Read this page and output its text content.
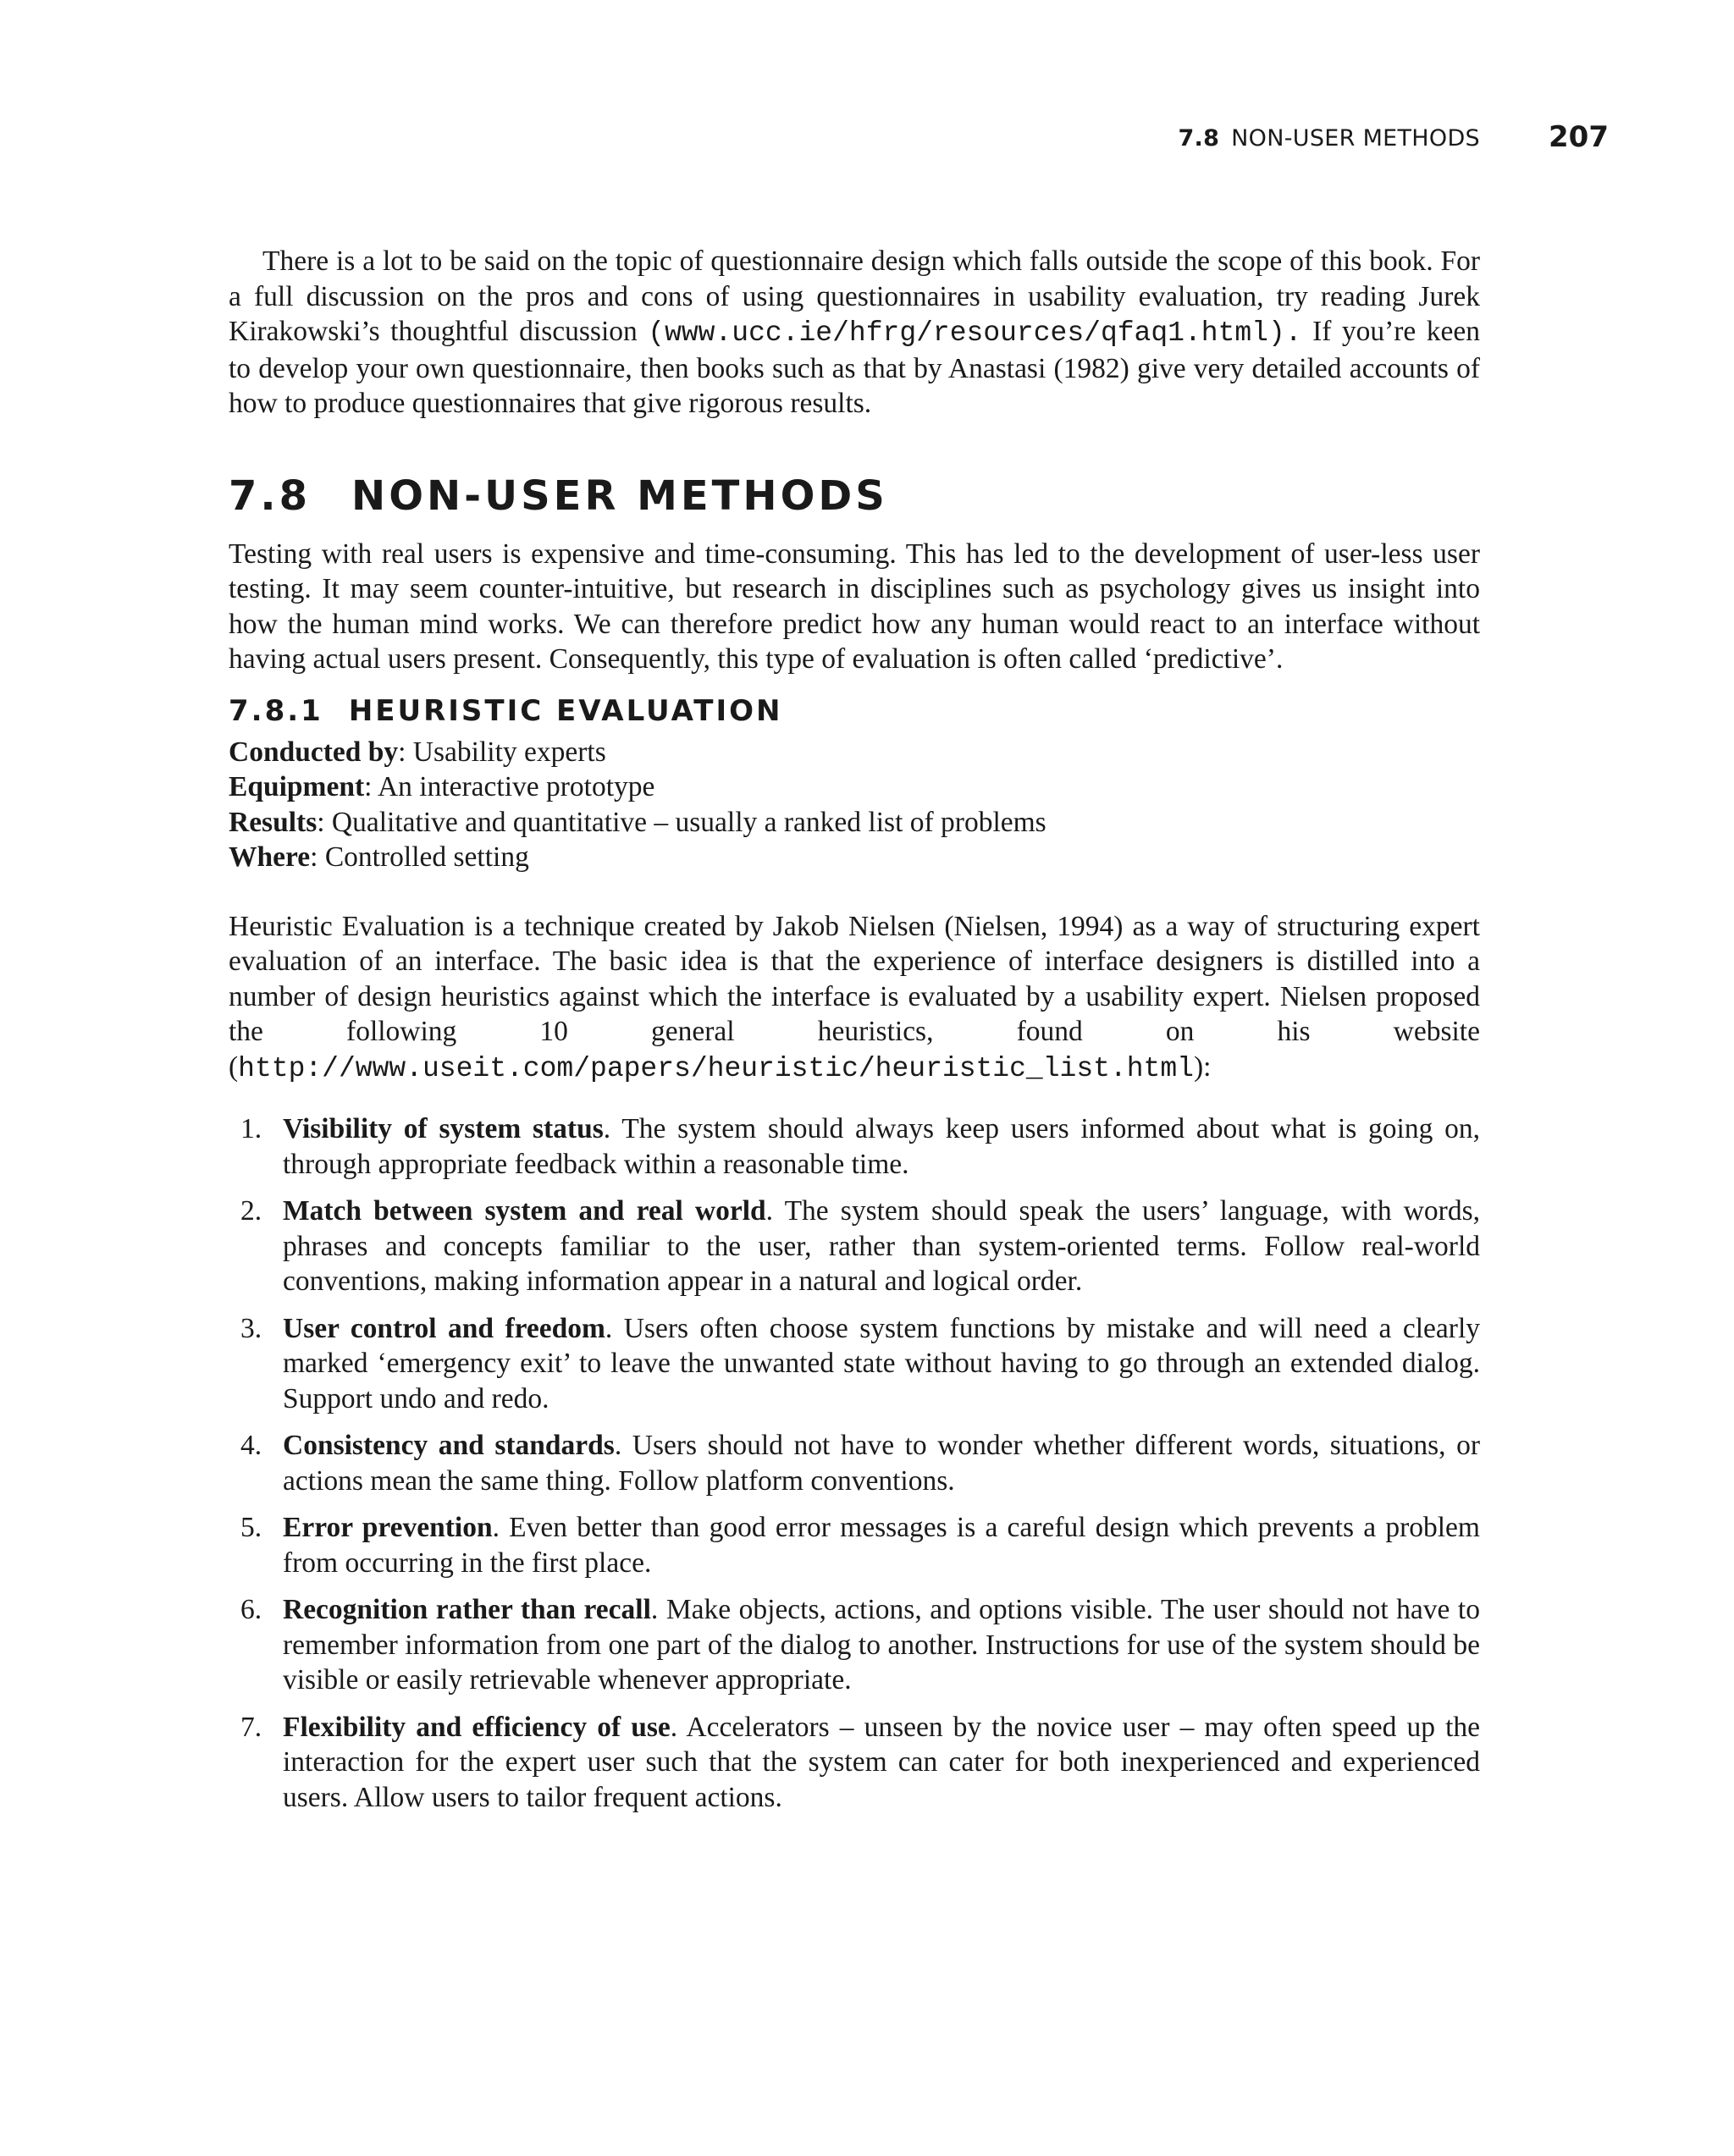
7.8 NON-USER METHODS 207

There is a lot to be said on the topic of questionnaire design which falls outside the scope of this book. For a full discussion on the pros and cons of using questionnaires in usability evaluation, try reading Jurek Kirakowski’s thoughtful discussion (www.ucc.ie/hfrg/resources/qfaq1.html). If you’re keen to develop your own questionnaire, then books such as that by Anastasi (1982) give very detailed accounts of how to produce questionnaires that give rigorous results.

7.8 NON-USER METHODS

Testing with real users is expensive and time-consuming. This has led to the development of user-less user testing. It may seem counter-intuitive, but research in disciplines such as psychology gives us insight into how the human mind works. We can therefore predict how any human would react to an interface without having actual users present. Consequently, this type of evaluation is often called ‘predictive’.

7.8.1 HEURISTIC EVALUATION

Conducted by: Usability experts

Equipment: An interactive prototype

Results: Qualitative and quantitative – usually a ranked list of problems

Where: Controlled setting

Heuristic Evaluation is a technique created by Jakob Nielsen (Nielsen, 1994) as a way of structuring expert evaluation of an interface. The basic idea is that the experience of interface designers is distilled into a number of design heuristics against which the interface is evaluated by a usability expert. Nielsen proposed the following 10 general heuristics, found on his website (http://www.useit.com/papers/heuristic/heuristic_list.html):

1. Visibility of system status. The system should always keep users informed about what is going on, through appropriate feedback within a reasonable time.
2. Match between system and real world. The system should speak the users’ language, with words, phrases and concepts familiar to the user, rather than system-oriented terms. Follow real-world conventions, making information appear in a natural and logical order.
3. User control and freedom. Users often choose system functions by mistake and will need a clearly marked ‘emergency exit’ to leave the unwanted state without having to go through an extended dialog. Support undo and redo.
4. Consistency and standards. Users should not have to wonder whether different words, situations, or actions mean the same thing. Follow platform conventions.
5. Error prevention. Even better than good error messages is a careful design which prevents a problem from occurring in the first place.
6. Recognition rather than recall. Make objects, actions, and options visible. The user should not have to remember information from one part of the dialog to another. Instructions for use of the system should be visible or easily retrievable whenever appropriate.
7. Flexibility and efficiency of use. Accelerators – unseen by the novice user – may often speed up the interaction for the expert user such that the system can cater for both inexperienced and experienced users. Allow users to tailor frequent actions.
